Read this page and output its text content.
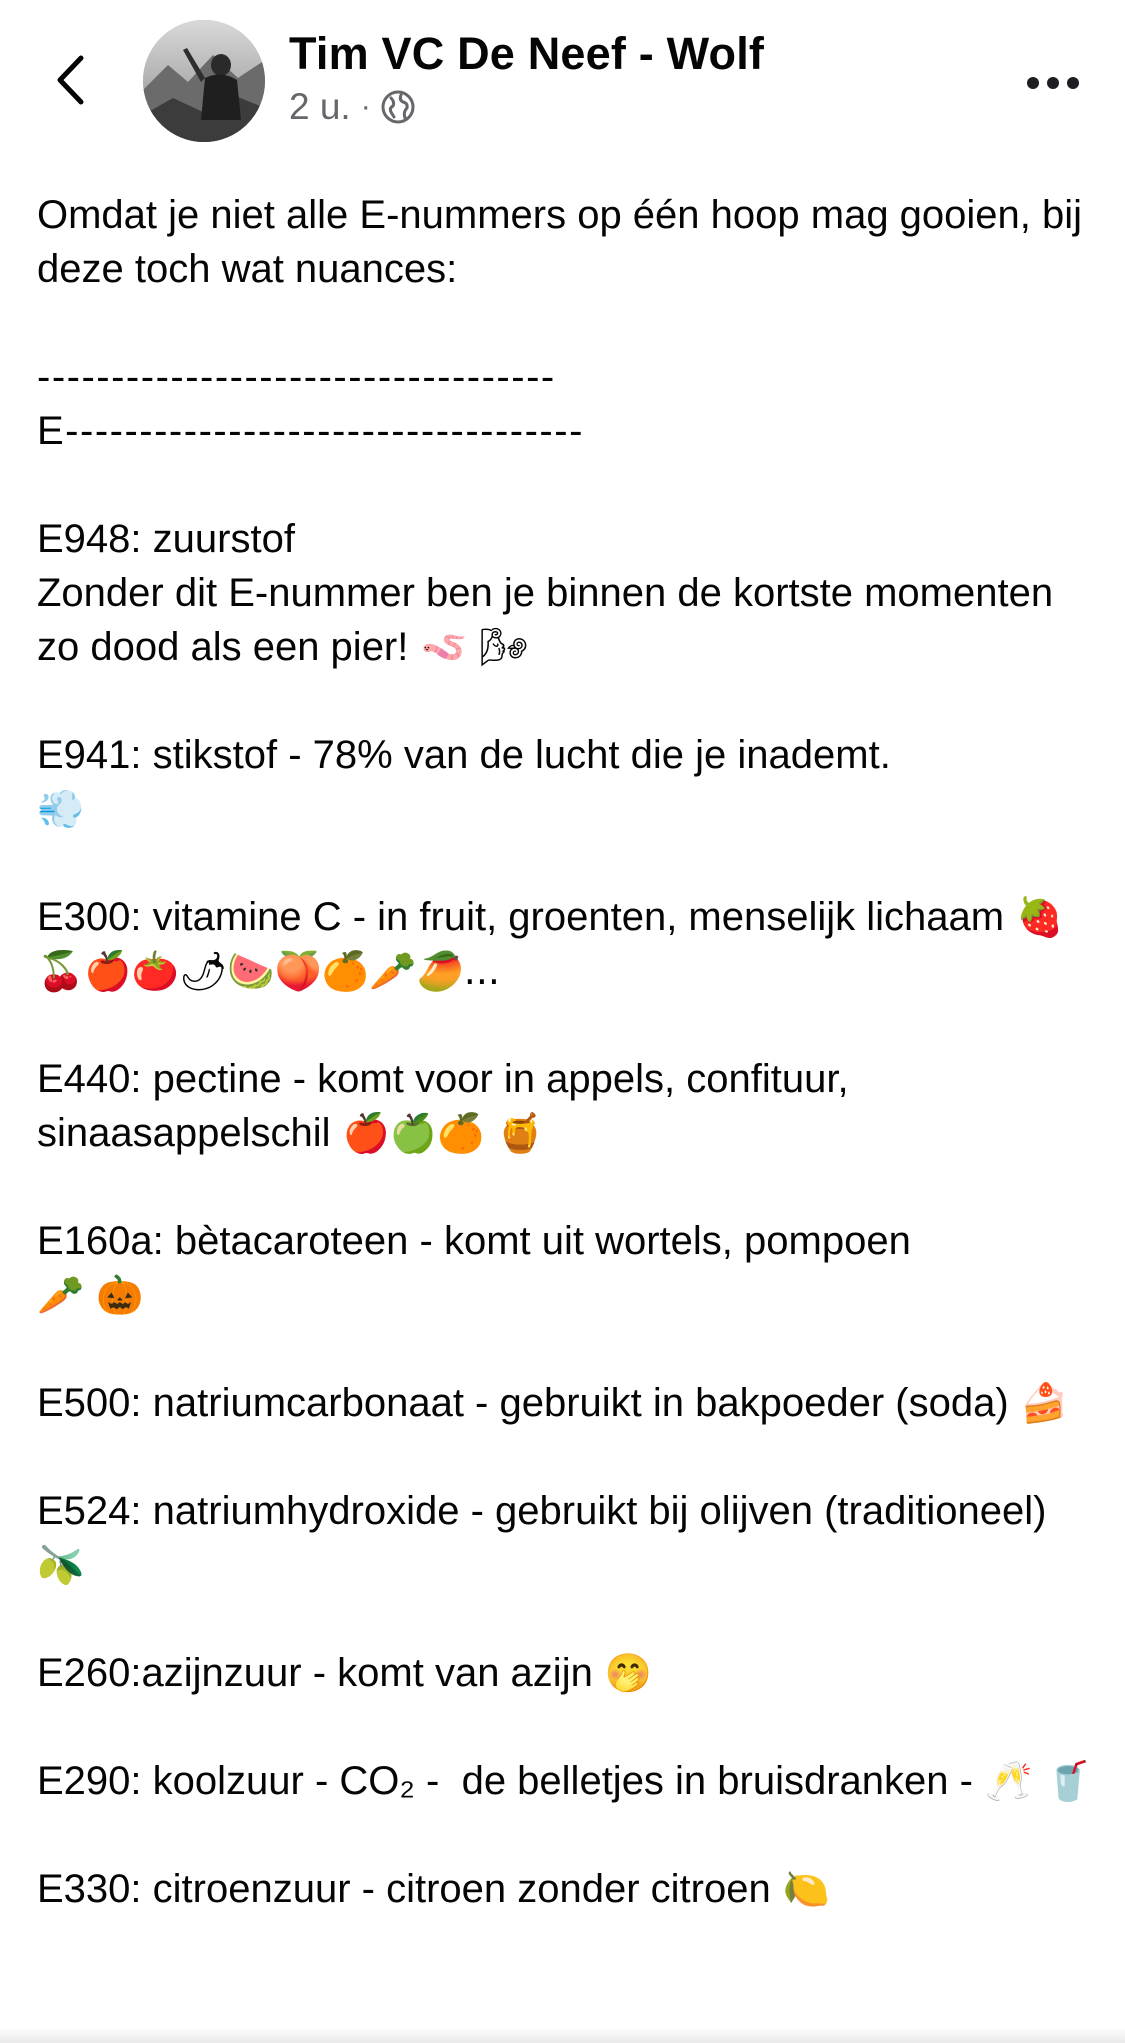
Tim VC De Neef - Wolf
2 u. ·

Omdat je niet alle E-nummers op één hoop mag gooien, bij deze toch wat nuances:

-----------------------------------

E-----------------------------------

E948: zuurstof
Zonder dit E-nummer ben je binnen de kortste momenten zo dood als een pier! 🪱 🌬

E941: stikstof - 78% van de lucht die je inademt.
💨

E300: vitamine C - in fruit, groenten, menselijk lichaam 🍓🍒🍎🍅🌶🍉🍑🍊🥕🥭...

E440: pectine - komt voor in appels, confituur, sinaasappelschil 🍎🍏🍊 🍯

E160a: bètacaroteen - komt uit wortels, pompoen
🥕 🎃

E500: natriumcarbonaat - gebruikt in bakpoeder (soda) 🍰

E524: natriumhydroxide - gebruikt bij olijven (traditioneel) 🫒

E260:azijnzuur - komt van azijn 🤭

E290: koolzuur - CO₂ -  de belletjes in bruisdranken - 🥂 🥤

E330: citroenzuur - citroen zonder citroen 🍋
